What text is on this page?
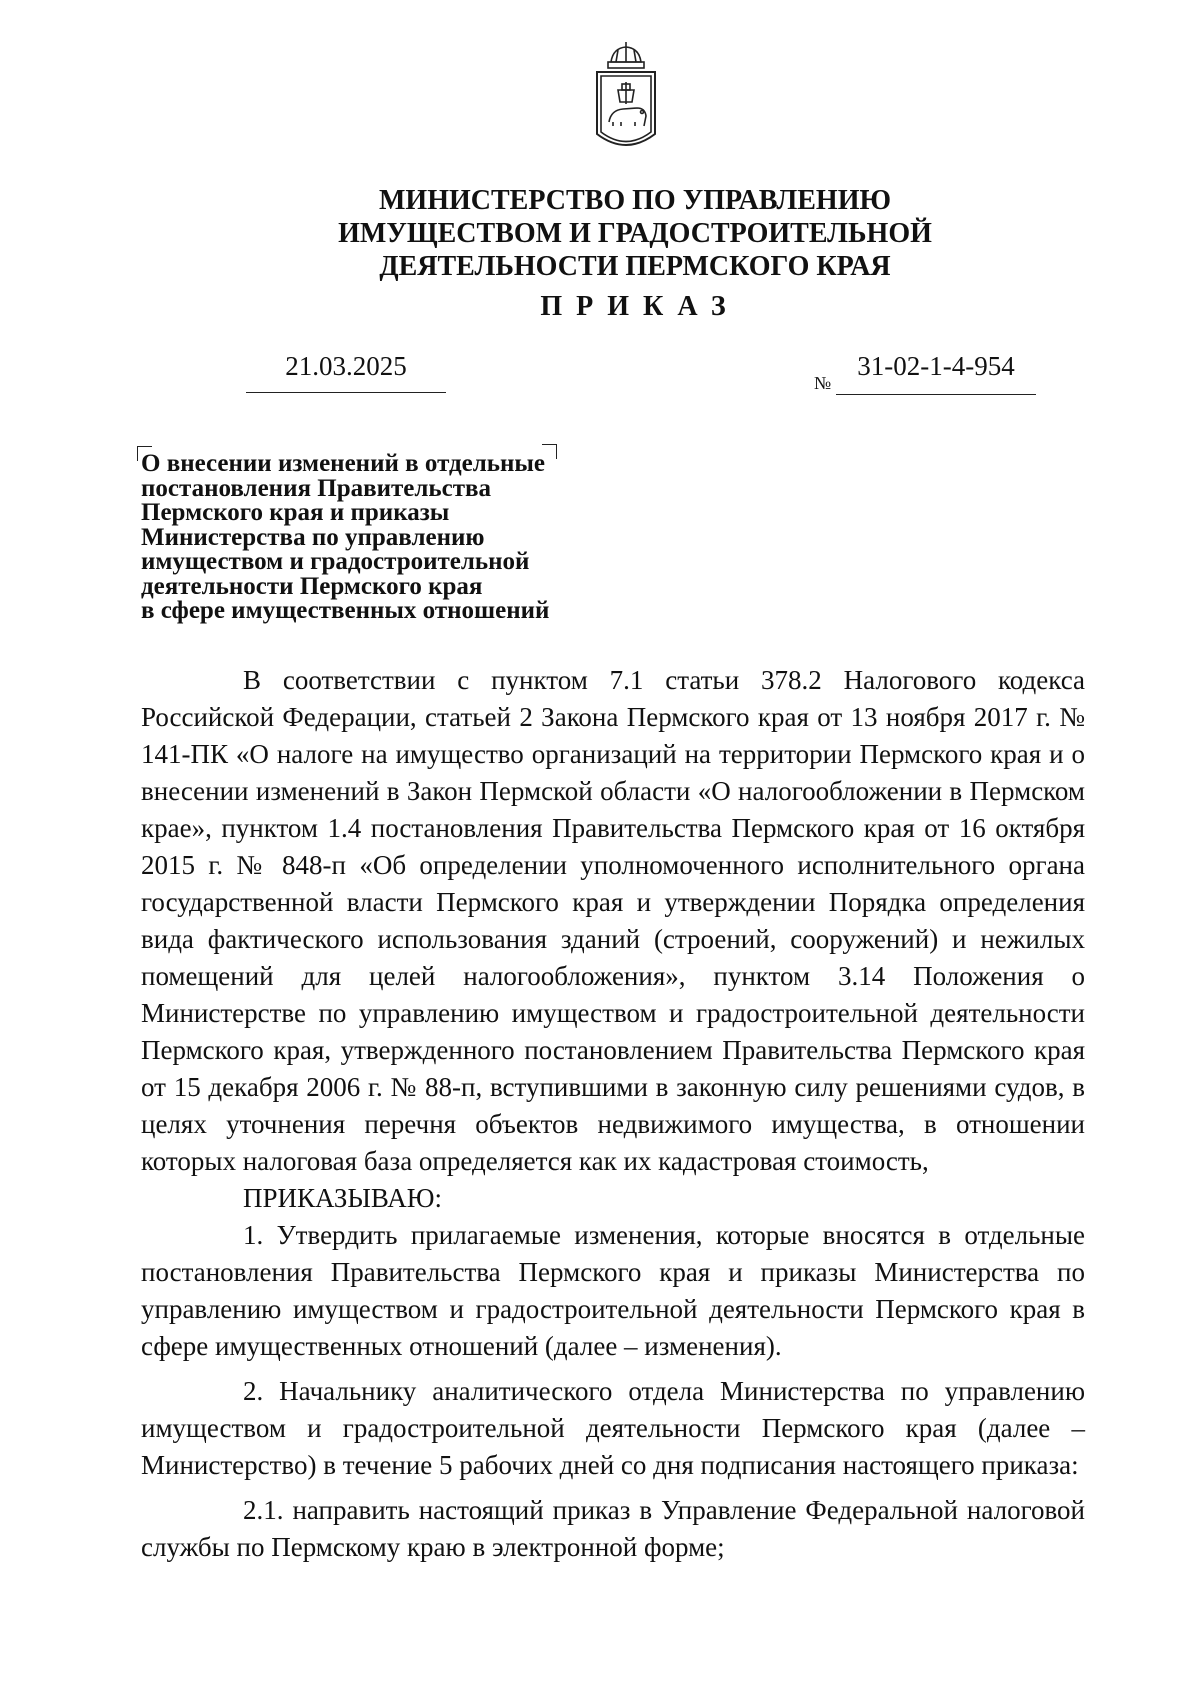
МИНИСТЕРСТВО ПО УПРАВЛЕНИЮ
ИМУЩЕСТВОМ И ГРАДОСТРОИТЕЛЬНОЙ
ДЕЯТЕЛЬНОСТИ ПЕРМСКОГО КРАЯ
ПРИКАЗ
21.03.2025
№
31-02-1-4-954
О внесении изменений в отдельные
постановления Правительства
Пермского края и приказы
Министерства по управлению
имуществом и градостроительной
деятельности Пермского края
в сфере имущественных отношений

В соответствии с пунктом 7.1 статьи 378.2 Налогового кодекса Российской Федерации, статьей 2 Закона Пермского края от 13 ноября 2017 г. № 141-ПК «О налоге на имущество организаций на территории Пермского края и о внесении изменений в Закон Пермской области «О налогообложении в Пермском крае», пунктом 1.4 постановления Правительства Пермского края от 16 октября 2015 г. № 848-п «Об определении уполномоченного исполнительного органа государственной власти Пермского края и утверждении Порядка определения вида фактического использования зданий (строений, сооружений) и нежилых помещений для целей налогообложения», пунктом 3.14 Положения о Министерстве по управлению имуществом и градостроительной деятельности Пермского края, утвержденного постановлением Правительства Пермского края от 15 декабря 2006 г. № 88-п, вступившими в законную силу решениями судов, в целях уточнения перечня объектов недвижимого имущества, в отношении которых налоговая база определяется как их кадастровая стоимость,

ПРИКАЗЫВАЮ:

1. Утвердить прилагаемые изменения, которые вносятся в отдельные постановления Правительства Пермского края и приказы Министерства по управлению имуществом и градостроительной деятельности Пермского края в сфере имущественных отношений (далее – изменения).

2. Начальнику аналитического отдела Министерства по управлению имуществом и градостроительной деятельности Пермского края (далее – Министерство) в течение 5 рабочих дней со дня подписания настоящего приказа:

2.1. направить настоящий приказ в Управление Федеральной налоговой службы по Пермскому краю в электронной форме;
